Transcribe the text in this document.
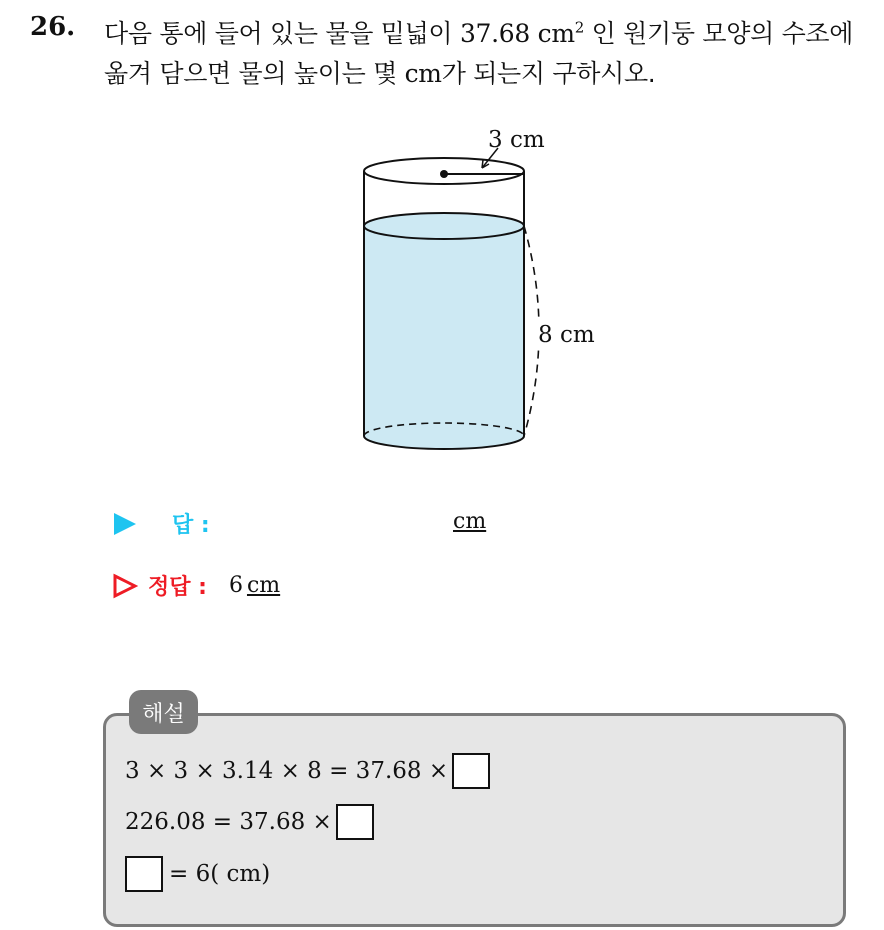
26. 다음 통에 들어 있는 물을 밑넓이 37.68 $cm^2$ 인 원기둥 모양의 수조에
옮겨 담으면 물의 높이는 몇 cm가 되는지 구하시오.
3 cm
8 cm
답 :	cm
정답 : 6 cm
해설
3 × 3 × 3.14 × 8 = 37.68 ×
226.08 = 37.68 ×
= 6( cm)
